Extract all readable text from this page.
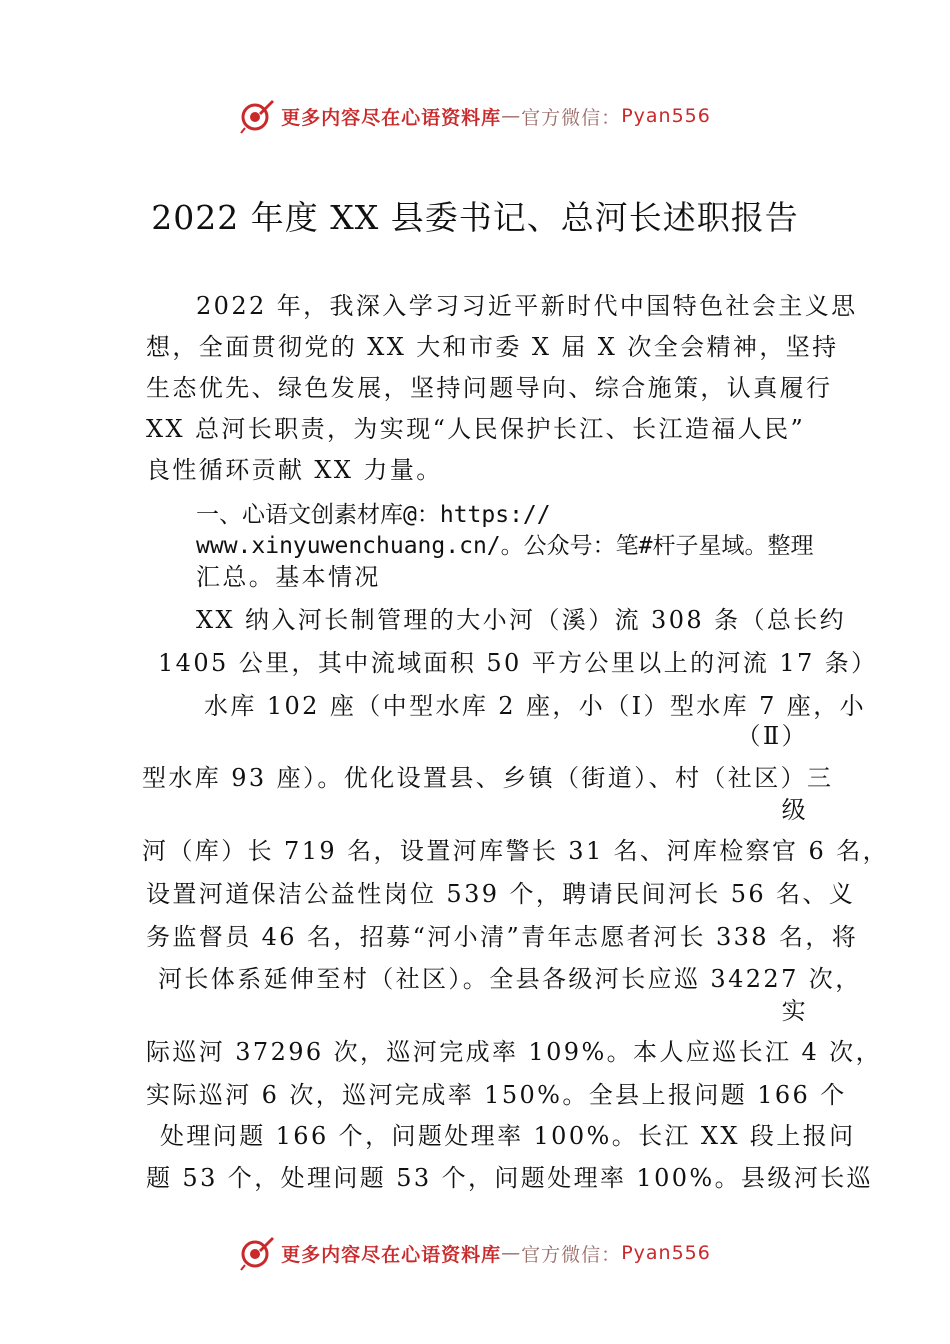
更多内容尽在心语资料库 — 官方微信： Pyan556
2022 年度 XX 县委书记、总河长述职报告
2022 年，我深入学习习近平新时代中国特色社会主义思
想，全面贯彻党的 XX 大和市委 X 届 X 次全会精神，坚持
生态优先、绿色发展，坚持问题导向、综合施策，认真履行
XX 总河长职责，为实现“人民保护长江、长江造福人民”
良性循环贡献 XX 力量。
一、心语文创素材库@：https://
www.xinyuwenchuang.cn/。公众号：笔#杆子星域。整理
汇总。基本情况
XX 纳入河长制管理的大小河（溪）流 308 条（总长约
1405 公里，其中流域面积 50 平方公里以上的河流 17 条）
水库 102 座（中型水库 2 座，小（Ⅰ）型水库 7 座，小
（Ⅱ）
型水库 93 座）。优化设置县、乡镇（街道）、村（社区）三
级
河（库）长 719 名，设置河库警长 31 名、河库检察官 6 名，
设置河道保洁公益性岗位 539 个，聘请民间河长 56 名、义
务监督员 46 名，招募“河小清”青年志愿者河长 338 名，将
河长体系延伸至村（社区）。全县各级河长应巡 34227 次，
实
际巡河 37296 次，巡河完成率 109%。本人应巡长江 4 次，
实际巡河 6 次，巡河完成率 150%。全县上报问题 166 个
处理问题 166 个，问题处理率 100%。长江 XX 段上报问
题 53 个，处理问题 53 个，问题处理率 100%。县级河长巡
更多内容尽在心语资料库 — 官方微信： Pyan556
